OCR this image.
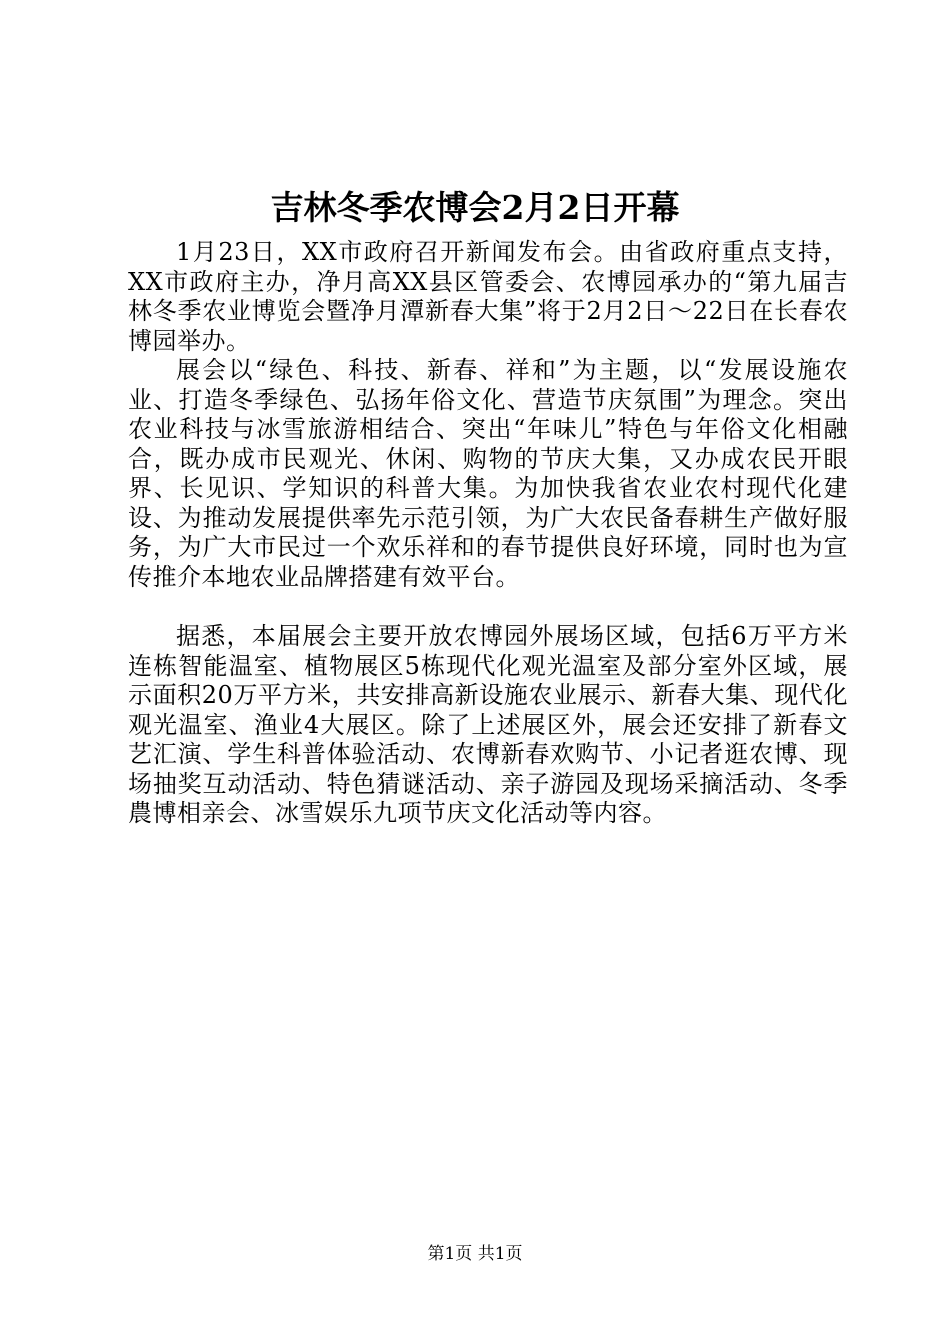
吉林冬季农博会2月2日开幕

1月23日，XX市政府召开新闻发布会。由省政府重点支持，XX市政府主办，净月高XX县区管委会、农博园承办的“第九届吉林冬季农业博览会暨净月潭新春大集”将于2月2日～22日在长春农博园举办。

展会以“绿色、科技、新春、祥和”为主题，以“发展设施农业、打造冬季绿色、弘扬年俗文化、营造节庆氛围”为理念。突出农业科技与冰雪旅游相结合、突出“年味儿”特色与年俗文化相融合，既办成市民观光、休闲、购物的节庆大集，又办成农民开眼界、长见识、学知识的科普大集。为加快我省农业农村现代化建设、为推动发展提供率先示范引领，为广大农民备春耕生产做好服务，为广大市民过一个欢乐祥和的春节提供良好环境，同时也为宣传推介本地农业品牌搭建有效平台。

据悉，本届展会主要开放农博园外展场区域，包括6万平方米连栋智能温室、植物展区5栋现代化观光温室及部分室外区域，展示面积20万平方米，共安排高新设施农业展示、新春大集、现代化观光温室、渔业4大展区。除了上述展区外，展会还安排了新春文艺汇演、学生科普体验活动、农博新春欢购节、小记者逛农博、现场抽奖互动活动、特色猜谜活动、亲子游园及现场采摘活动、冬季農博相亲会、冰雪娱乐九项节庆文化活动等内容。

第1页 共1页
